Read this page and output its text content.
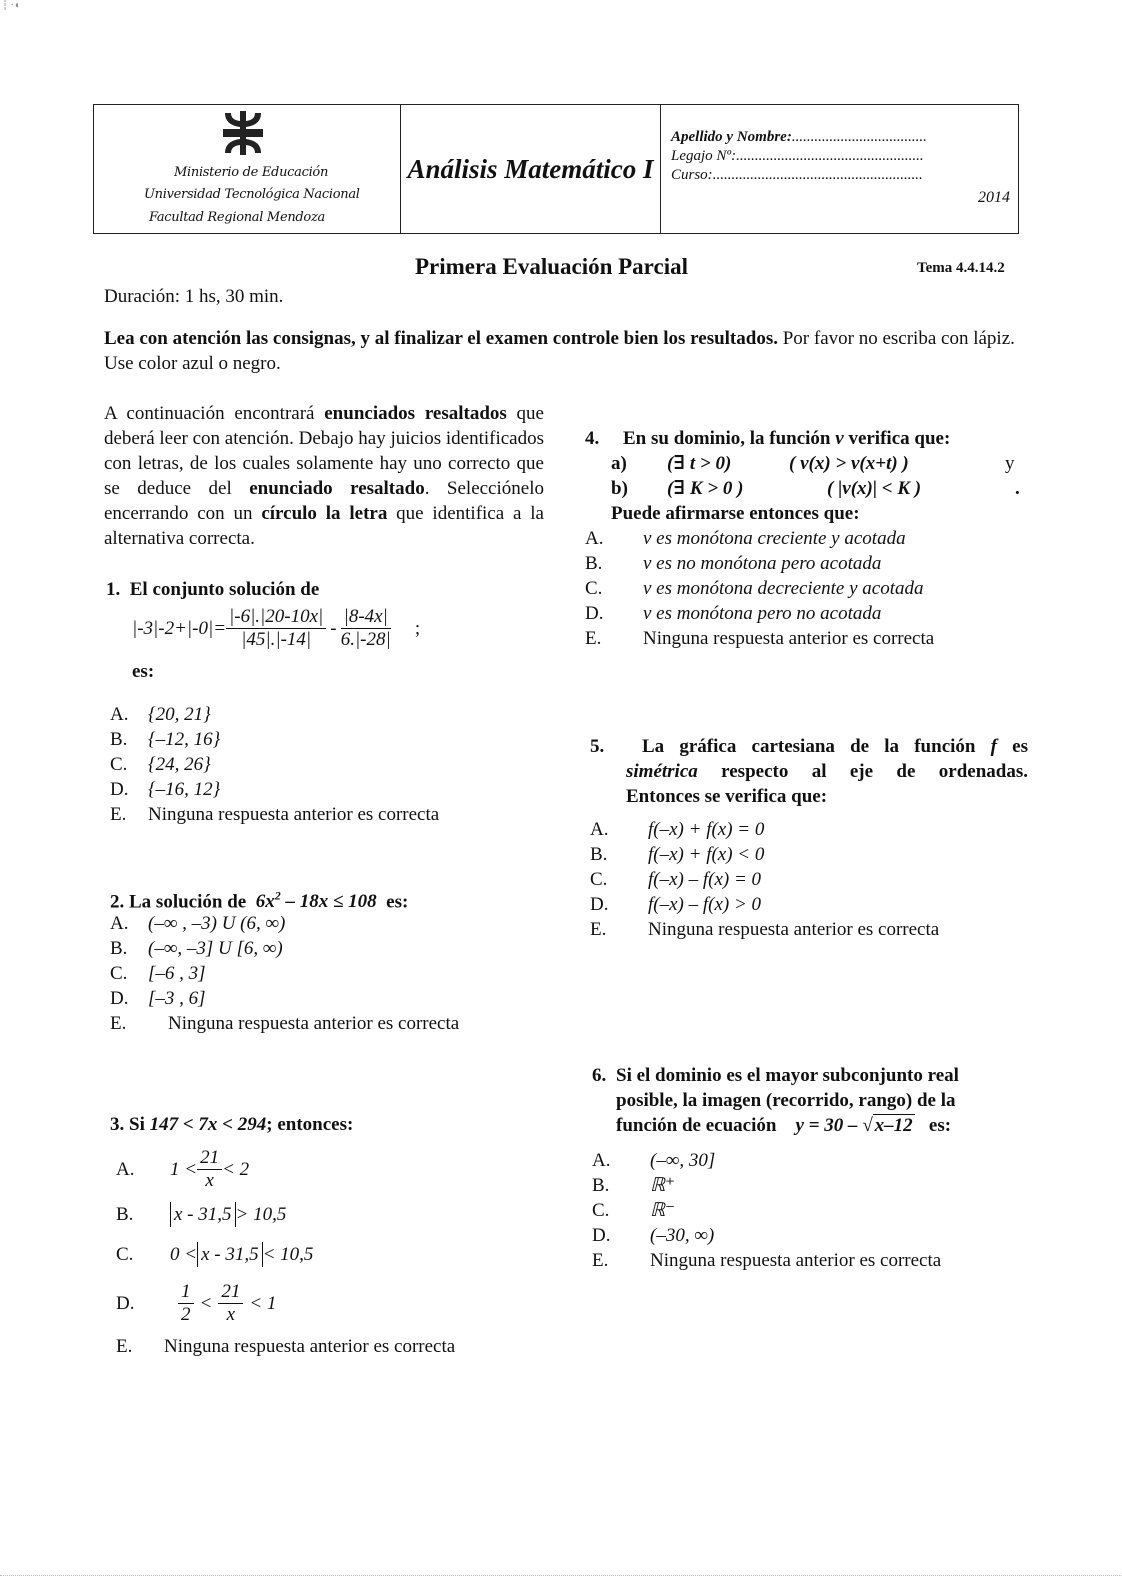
┆ ·◖
Ministerio de Educación
Universidad Tecnológica Nacional
Facultad Regional Mendoza
Análisis Matemático I
Apellido y Nombre:....................................
Legajo Nº:..................................................
Curso:........................................................
2014
Primera Evaluación Parcial	Tema 4.4.14.2
Duración: 1 hs, 30 min.
Lea con atención las consignas, y al finalizar el examen controle bien los resultados. Por favor no escriba con lápiz. Use color azul o negro.
A continuación encontrará enunciados resaltados que deberá leer con atención. Debajo hay juicios identificados con letras, de los cuales solamente hay uno correcto que se deduce del enunciado resaltado. Selecciónelo encerrando con un círculo la letra que identifica a la alternativa correcta.
1. El conjunto solución de
$|-3|-2+|-0|= \frac{|-6|.|20-10x|}{|45|.|-14|} - \frac{|8-4x|}{6.|-28|}$ ;
es:
A.	{20, 21}
B.	{–12, 16}
C.	{24, 26}
D.	{–16, 12}
E.	Ninguna respuesta anterior es correcta
2. La solución de $6x^2 - 18x \le 108$ es:
A.	(–∞ , –3) U (6, ∞)
B.	(–∞, –3] U [6, ∞)
C.	[–6 , 3]
D.	[–3 , 6]
E.	Ninguna respuesta anterior es correcta
3. Si 147 < 7x < 294; entonces:
A.	$1 < \frac{21}{x} < 2$
B.	x - 31,5 > 10,5
C.	0 < x - 31,5 < 10,5
D.	$\frac{1}{2} < \frac{21}{x} < 1$
E.	Ninguna respuesta anterior es correcta
4. En su dominio, la función v verifica que:
a)	(∃ t > 0)	( v(x) > v(x+t) )	y
b)	(∃ K > 0 )	( |v(x)| < K )	.
Puede afirmarse entonces que:
A.	v es monótona creciente y acotada
B.	v es no monótona pero acotada
C.	v es monótona decreciente y acotada
D.	v es monótona pero no acotada
E.	Ninguna respuesta anterior es correcta
5.	La gráfica cartesiana de la función f es
simétrica respecto al eje de ordenadas.
Entonces se verifica que:
A.	f(–x) + f(x) = 0
B.	f(–x) + f(x) < 0
C.	f(–x) – f(x) = 0
D.	f(–x) – f(x) > 0
E.	Ninguna respuesta anterior es correcta
6. Si el dominio es el mayor subconjunto real
posible, la imagen (recorrido, rango) de la
función de ecuación y = 30 – √ x–12 es:
A.	(–∞, 30]
B.	ℝ⁺
C.	ℝ⁻
D.	(–30, ∞)
E.	Ninguna respuesta anterior es correcta
